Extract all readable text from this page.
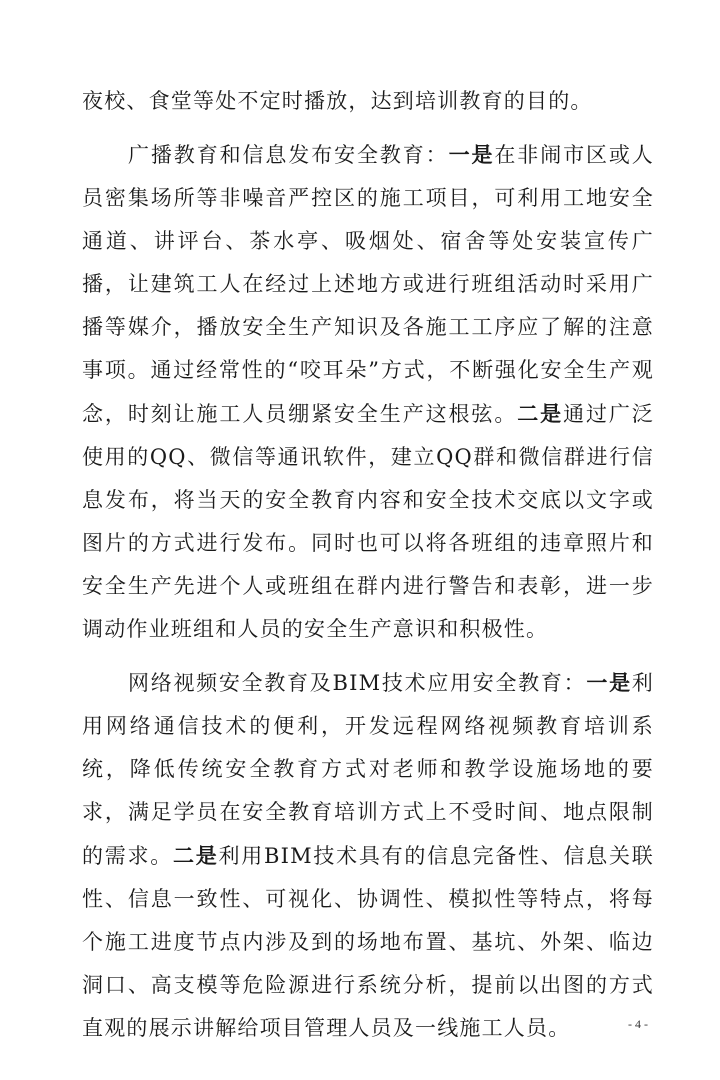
夜校、食堂等处不定时播放，达到培训教育的目的。

广播教育和信息发布安全教育：一是在非闹市区或人员密集场所等非噪音严控区的施工项目，可利用工地安全通道、讲评台、茶水亭、吸烟处、宿舍等处安装宣传广播，让建筑工人在经过上述地方或进行班组活动时采用广播等媒介，播放安全生产知识及各施工工序应了解的注意事项。通过经常性的“咬耳朵”方式，不断强化安全生产观念，时刻让施工人员绷紧安全生产这根弦。二是通过广泛使用的QQ、微信等通讯软件，建立QQ群和微信群进行信息发布，将当天的安全教育内容和安全技术交底以文字或图片的方式进行发布。同时也可以将各班组的违章照片和安全生产先进个人或班组在群内进行警告和表彰，进一步调动作业班组和人员的安全生产意识和积极性。

网络视频安全教育及BIM技术应用安全教育：一是利用网络通信技术的便利，开发远程网络视频教育培训系统，降低传统安全教育方式对老师和教学设施场地的要求，满足学员在安全教育培训方式上不受时间、地点限制的需求。二是利用BIM技术具有的信息完备性、信息关联性、信息一致性、可视化、协调性、模拟性等特点，将每个施工进度节点内涉及到的场地布置、基坑、外架、临边洞口、高支模等危险源进行系统分析，提前以出图的方式直观的展示讲解给项目管理人员及一线施工人员。	- 4 -
